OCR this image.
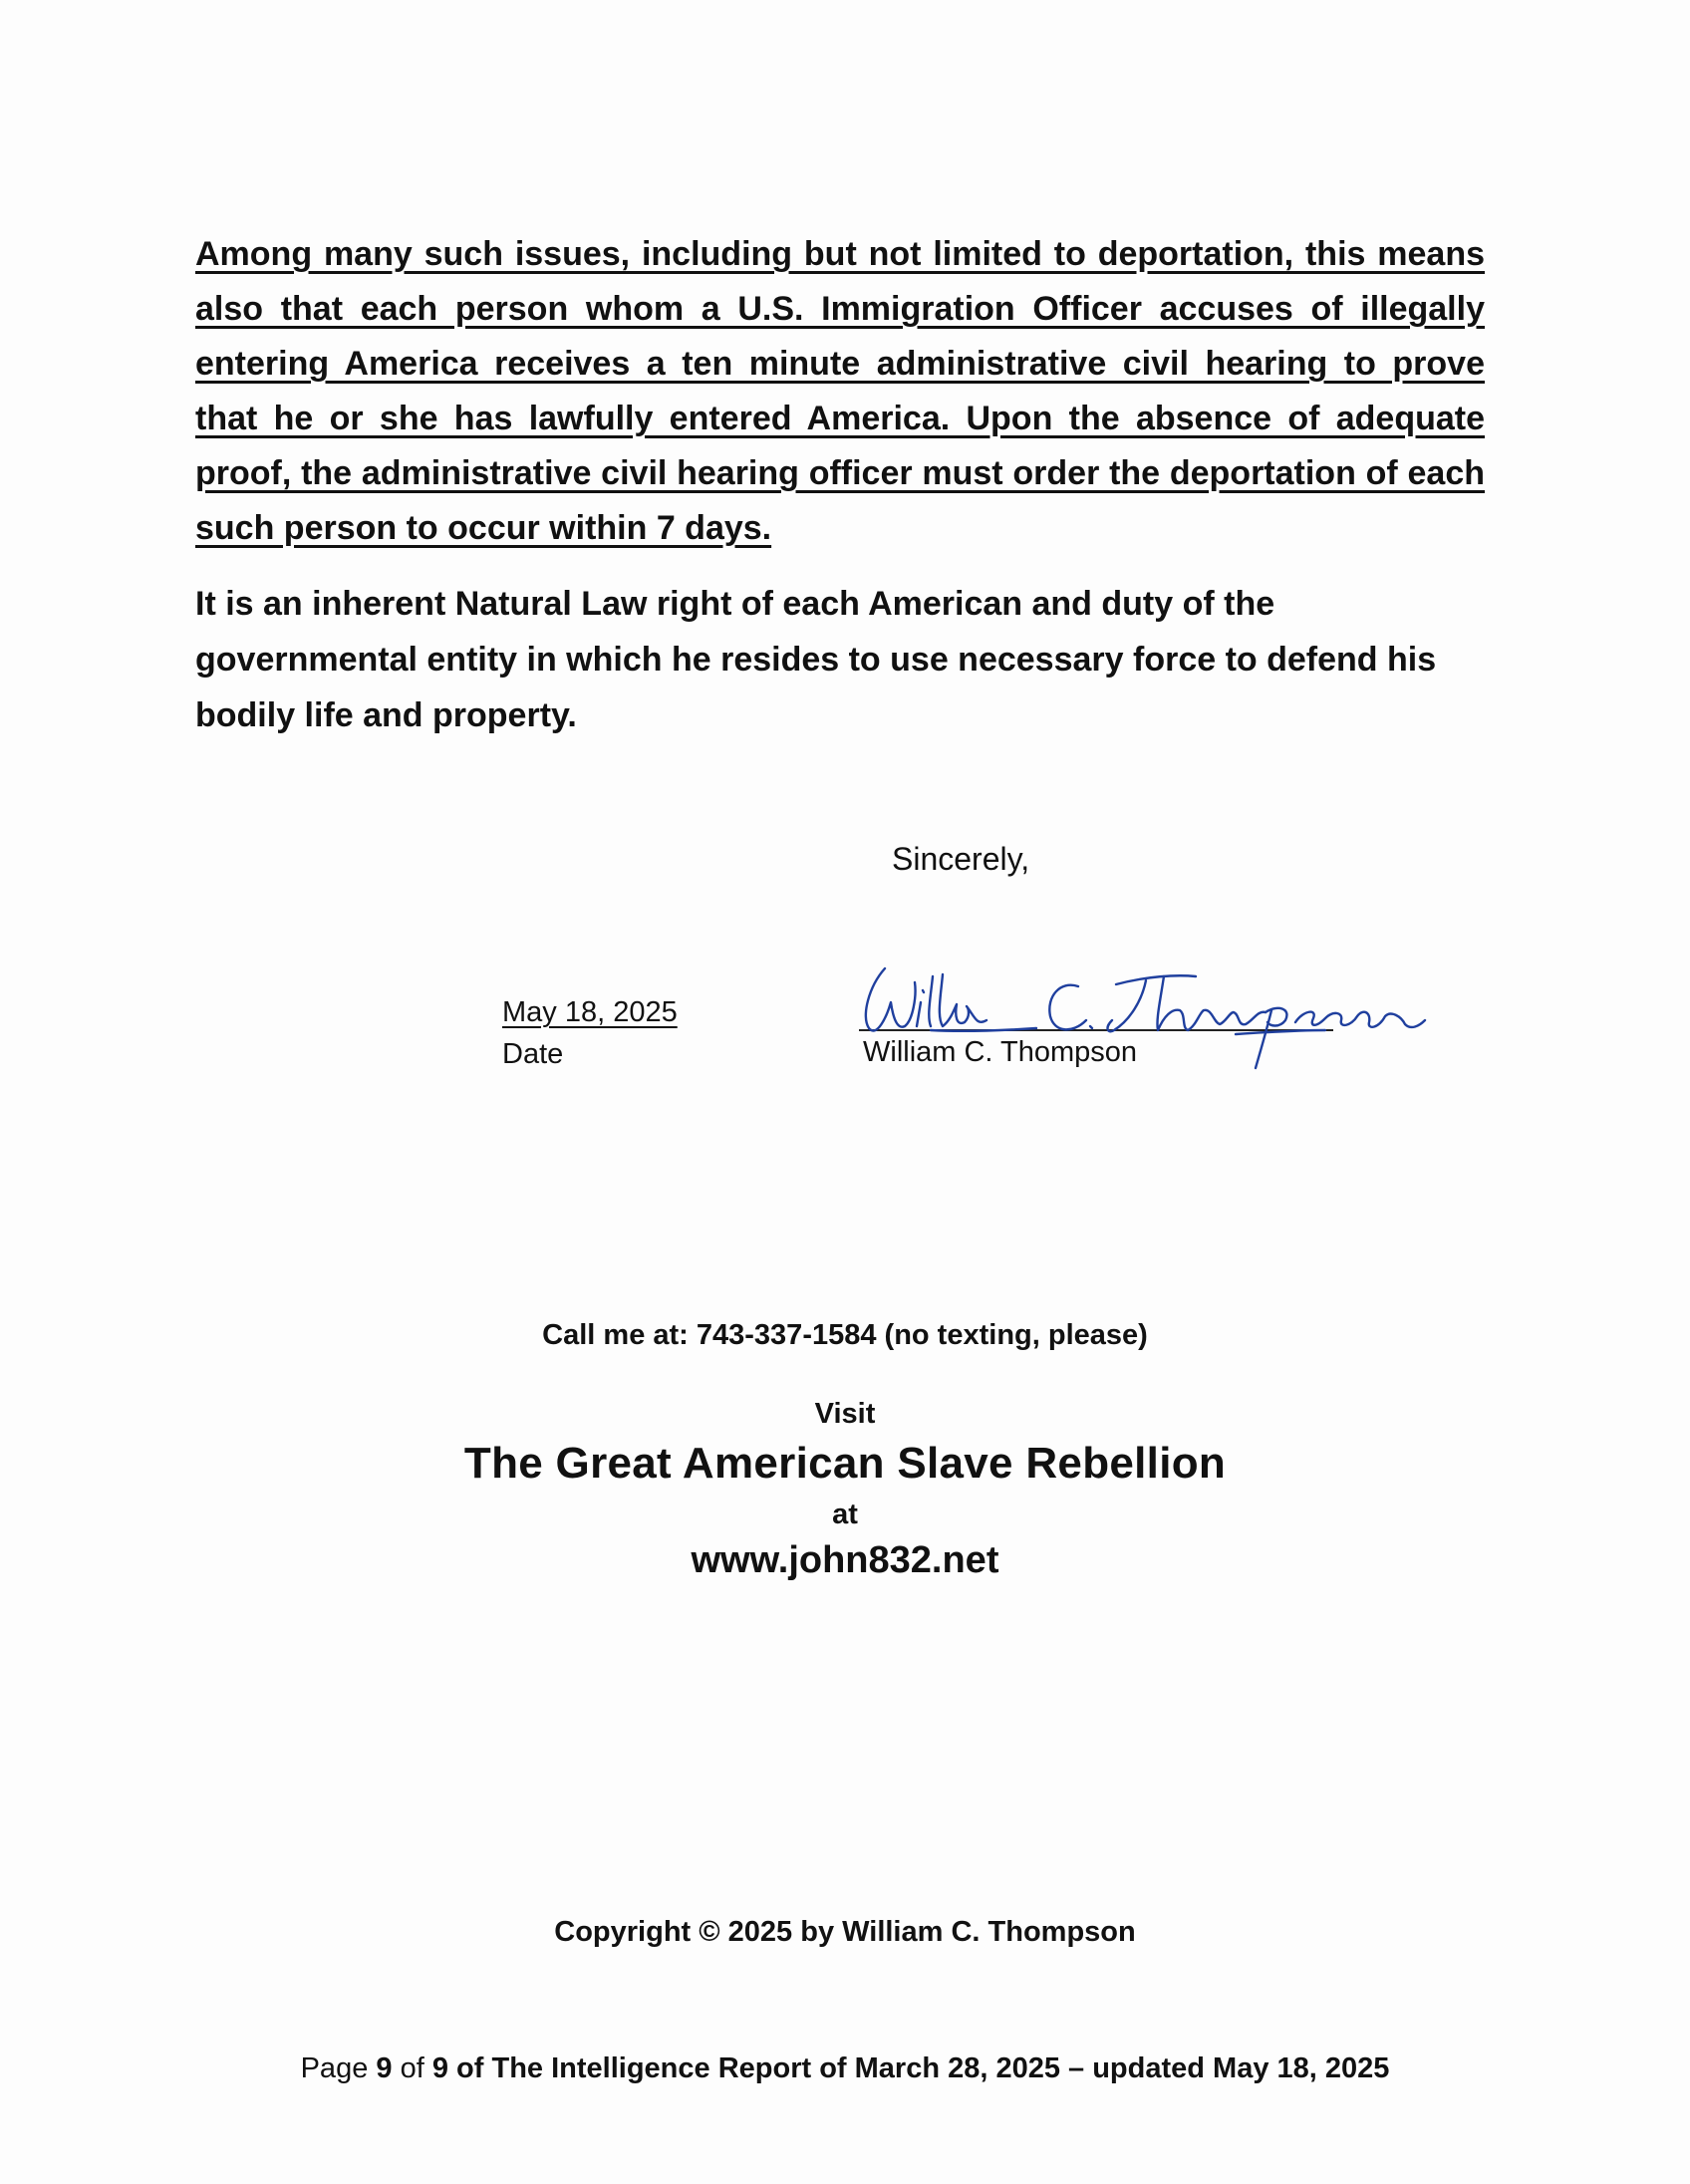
Among many such issues, including but not limited to deportation, this means also that each person whom a U.S. Immigration Officer accuses of illegally entering America receives a ten minute administrative civil hearing to prove that he or she has lawfully entered America. Upon the absence of adequate proof, the administrative civil hearing officer must order the deportation of each such person to occur within 7 days.
It is an inherent Natural Law right of each American and duty of the governmental entity in which he resides to use necessary force to defend his bodily life and property.
Sincerely,
May 18, 2025
Date	William C. Thompson
Call me at: 743-337-1584 (no texting, please)
Visit
The Great American Slave Rebellion
at
www.john832.net
Copyright © 2025 by William C. Thompson
Page 9 of 9 of The Intelligence Report of March 28, 2025 – updated May 18, 2025
